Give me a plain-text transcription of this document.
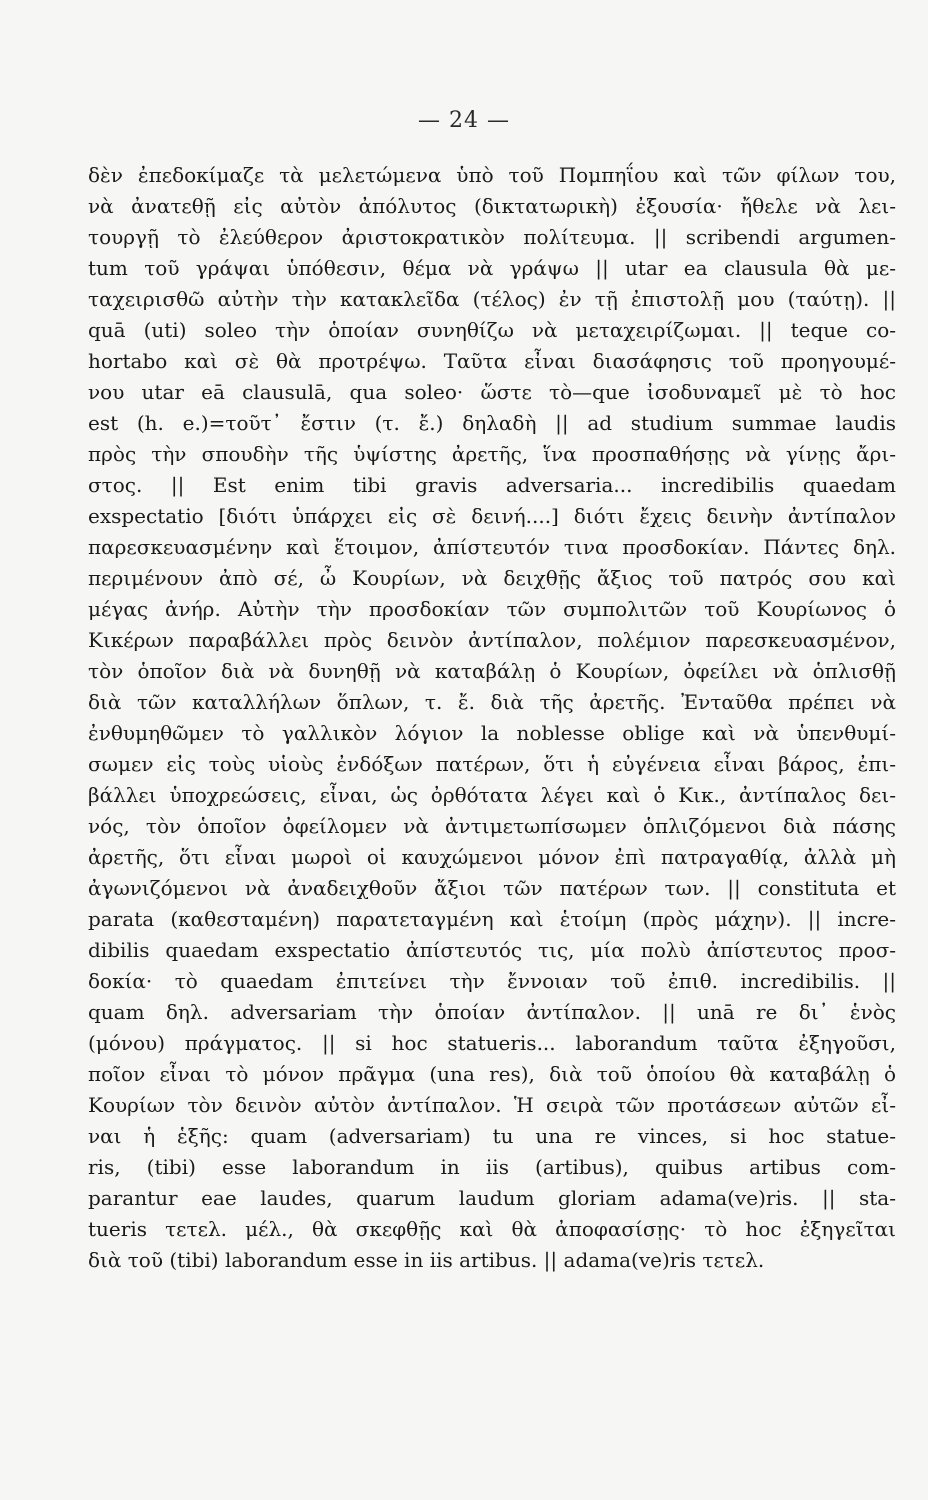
— 24 —
δὲν ἐπεδοκίμαζε τὰ μελετώμενα ὑπὸ τοῦ Πομπηΐου καὶ τῶν φίλων του,
νὰ ἀνατεθῇ εἰς αὐτὸν ἀπόλυτος (δικτατωρικὴ) ἐξουσία· ἤθελε νὰ λει-
τουργῇ τὸ ἐλεύθερον ἀριστοκρατικὸν πολίτευμα. || scribendi argumen-
tum τοῦ γράψαι ὑπόθεσιν, θέμα νὰ γράψω || utar ea clausula θὰ με-
ταχειρισθῶ αὐτὴν τὴν κατακλεῖδα (τέλος) ἐν τῇ ἐπιστολῇ μου (ταύτῃ). ||
quā (uti) soleo τὴν ὁποίαν συνηθίζω νὰ μεταχειρίζωμαι. || teque co-
hortabo καὶ σὲ θὰ προτρέψω. Ταῦτα εἶναι διασάφησις τοῦ προηγουμέ-
νου utar eā clausulā, qua soleo· ὥστε τὸ—que ἰσοδυναμεῖ μὲ τὸ hoc
est (h. e.)=τοῦτ᾽ ἔστιν (τ. ἔ.) δηλαδὴ || ad studium summae laudis
πρὸς τὴν σπουδὴν τῆς ὑψίστης ἀρετῆς, ἵνα προσπαθήσῃς νὰ γίνῃς ἄρι-
στος. || Est enim tibi gravis adversaria... incredibilis quaedam
exspectatio [διότι ὑπάρχει εἰς σὲ δεινή....] διότι ἔχεις δεινὴν ἀντίπαλον
παρεσκευασμένην καὶ ἕτοιμον, ἀπίστευτόν τινα προσδοκίαν. Πάντες δηλ.
περιμένουν ἀπὸ σέ, ὦ Κουρίων, νὰ δειχθῇς ἄξιος τοῦ πατρός σου καὶ
μέγας ἀνήρ. Αὐτὴν τὴν προσδοκίαν τῶν συμπολιτῶν τοῦ Κουρίωνος ὁ
Κικέρων παραβάλλει πρὸς δεινὸν ἀντίπαλον, πολέμιον παρεσκευασμένον,
τὸν ὁποῖον διὰ νὰ δυνηθῇ νὰ καταβάλῃ ὁ Κουρίων, ὀφείλει νὰ ὁπλισθῇ
διὰ τῶν καταλλήλων ὅπλων, τ. ἔ. διὰ τῆς ἀρετῆς. Ἐνταῦθα πρέπει νὰ
ἐνθυμηθῶμεν τὸ γαλλικὸν λόγιον la noblesse oblige καὶ νὰ ὑπενθυμί-
σωμεν εἰς τοὺς υἱοὺς ἐνδόξων πατέρων, ὅτι ἡ εὐγένεια εἶναι βάρος, ἐπι-
βάλλει ὑποχρεώσεις, εἶναι, ὡς ὀρθότατα λέγει καὶ ὁ Κικ., ἀντίπαλος δει-
νός, τὸν ὁποῖον ὀφείλομεν νὰ ἀντιμετωπίσωμεν ὁπλιζόμενοι διὰ πάσης
ἀρετῆς, ὅτι εἶναι μωροὶ οἱ καυχώμενοι μόνον ἐπὶ πατραγαθίᾳ, ἀλλὰ μὴ
ἀγωνιζόμενοι νὰ ἀναδειχθοῦν ἄξιοι τῶν πατέρων των. || constituta et
parata (καθεσταμένη) παρατεταγμένη καὶ ἑτοίμη (πρὸς μάχην). || incre-
dibilis quaedam exspectatio ἀπίστευτός τις, μία πολὺ ἀπίστευτος προσ-
δοκία· τὸ quaedam ἐπιτείνει τὴν ἔννοιαν τοῦ ἐπιθ. incredibilis. ||
quam δηλ. adversariam τὴν ὁποίαν ἀντίπαλον. || unā re δι᾽ ἑνὸς
(μόνου) πράγματος. || si hoc statueris... laborandum ταῦτα ἐξηγοῦσι,
ποῖον εἶναι τὸ μόνον πρᾶγμα (una res), διὰ τοῦ ὁποίου θὰ καταβάλῃ ὁ
Κουρίων τὸν δεινὸν αὐτὸν ἀντίπαλον. Ἡ σειρὰ τῶν προτάσεων αὐτῶν εἶ-
ναι ἡ ἑξῆς: quam (adversariam) tu una re vinces, si hoc statue-
ris, (tibi) esse laborandum in iis (artibus), quibus artibus com-
parantur eae laudes, quarum laudum gloriam adama(ve)ris. || sta-
tueris τετελ. μέλ., θὰ σκεφθῇς καὶ θὰ ἀποφασίσῃς· τὸ hoc ἐξηγεῖται
διὰ τοῦ (tibi) laborandum esse in iis artibus. || adama(ve)ris τετελ.
